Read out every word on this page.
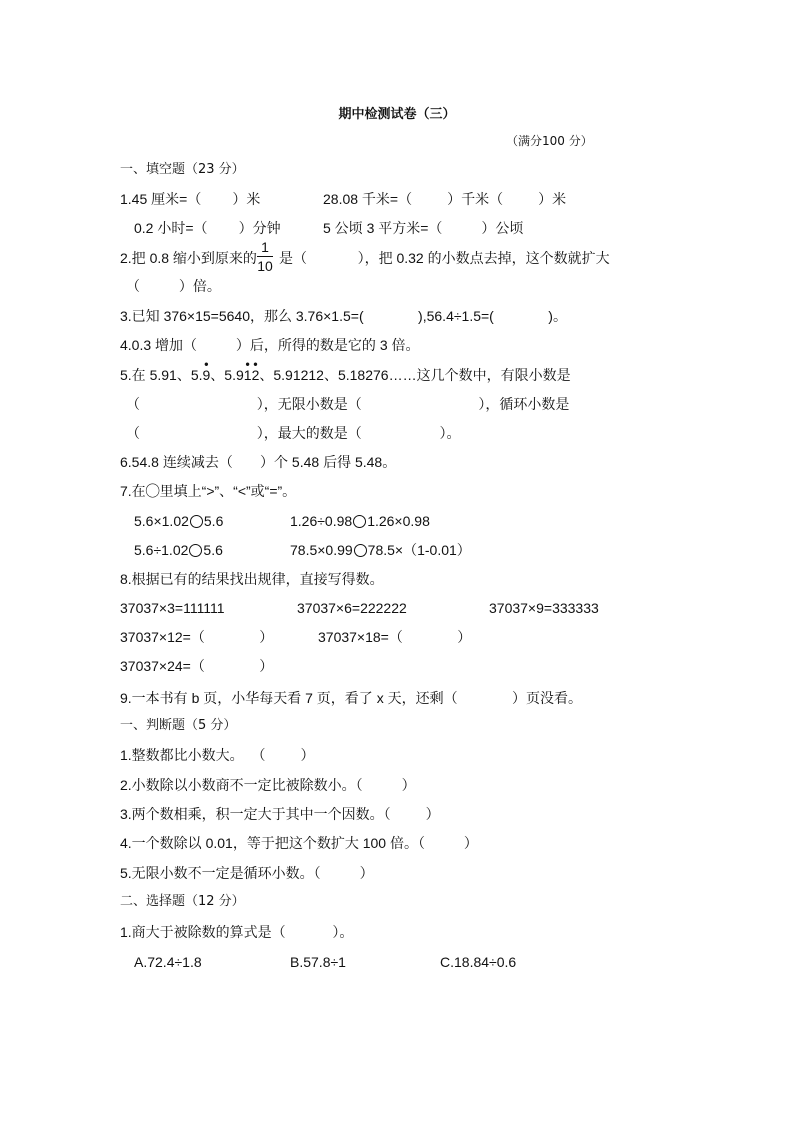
期中检测试卷（三）
（满分100 分）
一、填空题（23 分）
1.45 厘米=（        ）米	28.08 千米=（         ）千米（         ）米
0.2 小时=（        ）分钟	5 公顷 3 平方米=（          ）公顷
2.把 0.8 缩小到原来的
1
10 是（             ），把 0.32 的小数点去掉，这个数就扩大
（          ）倍。
3.已知 376×15=5640，那么 3.76×1.5=(              ),56.4÷1.5=(              )。
4.0.3 增加（          ）后，所得的数是它的 3 倍。
5.在 5.91、5.
•
9、5.9
•
1
•
2、5.91212、5.18276……这几个数中，有限小数是
（                              ），无限小数是（                              ），循环小数是
（                              ），最大的数是（                    ）。
6.54.8 连续减去（       ）个 5.48 后得 5.48。
7.在◯里填上“>”、“<”或“=”。
5.6×1.02 5.6	1.26÷0.98 1.26×0.98
5.6÷1.02 5.6	78.5×0.99 78.5×（1-0.01）
8.根据已有的结果找出规律，直接写得数。
37037×3=111111	37037×6=222222	37037×9=333333
37037×12=（              ）	37037×18=（              ）
37037×24=（              ）
9.一本书有 b 页，小华每天看 7 页，看了 x 天，还剩（              ）页没看。
一、判断题（5 分）
1.整数都比小数大。  （         ）
2.小数除以小数商不一定比被除数小。（          ）
3.两个数相乘，积一定大于其中一个因数。（         ）
4.一个数除以 0.01，等于把这个数扩大 100 倍。（          ）
5.无限小数不一定是循环小数。（          ）
二、选择题（12 分）
1.商大于被除数的算式是（            ）。
A.72.4÷1.8	B.57.8÷1	C.18.84÷0.6
